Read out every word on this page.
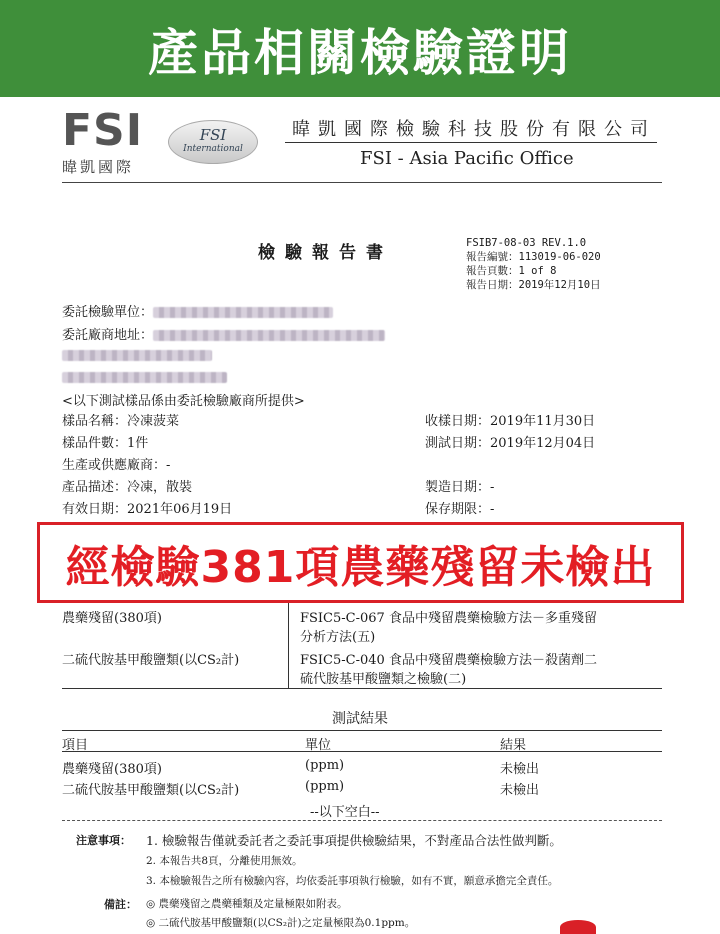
產品相關檢驗證明
FSI
暐凱國際
FSI
International
暐凱國際檢驗科技股份有限公司
FSI - Asia Pacific Office
檢驗報告書	FSIB7-08-03 REV.1.0
報告編號：113019-06-020
報告頁數：1 of 8
報告日期：2019年12月10日
委託檢驗單位：
委託廠商地址：
<以下測試樣品係由委託檢驗廠商所提供>
樣品名稱：冷凍菠菜
樣品件數：1件
生產或供應廠商：-
產品描述：冷凍，散裝
有效日期：2021年06月19日
收樣日期：2019年11月30日
測試日期：2019年12月04日
製造日期：-
保存期限：-
經檢驗381項農藥殘留未檢出
農藥殘留(380項)	FSIC5-C-067 食品中殘留農藥檢驗方法－多重殘留
分析方法(五)
二硫代胺基甲酸鹽類(以CS₂計)	FSIC5-C-040 食品中殘留農藥檢驗方法－殺菌劑二
硫代胺基甲酸鹽類之檢驗(二)
測試結果
項目	單位	結果
農藥殘留(380項)	(ppm)	未檢出
二硫代胺基甲酸鹽類(以CS₂計)	(ppm)	未檢出
--以下空白--
注意事項： 1. 檢驗報告僅就委託者之委託事項提供檢驗結果，不對產品合法性做判斷。
2. 本報告共8頁，分離使用無效。
3. 本檢驗報告之所有檢驗內容，均依委託事項執行檢驗，如有不實，願意承擔完全責任。
備註： ◎ 農藥殘留之農藥種類及定量極限如附表。
◎ 二硫代胺基甲酸鹽類(以CS₂計)之定量極限為0.1ppm。
